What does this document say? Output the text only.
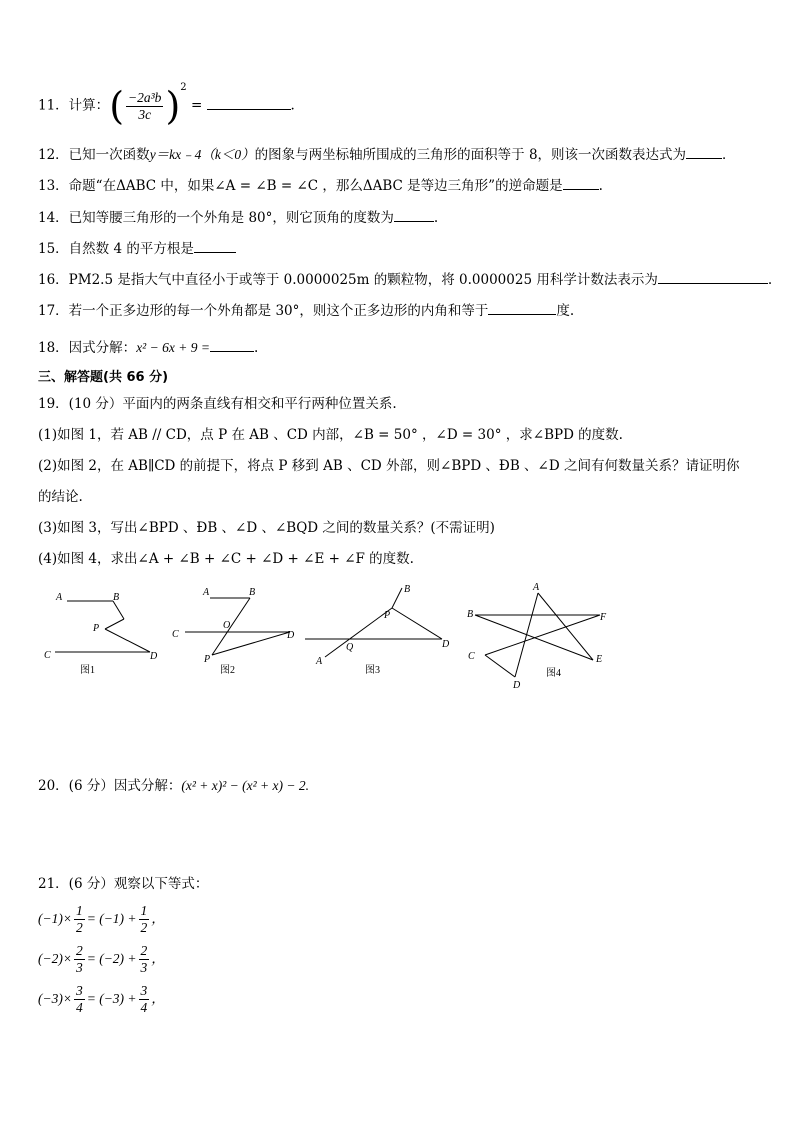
11．计算：( $\frac{\text{−2a³b}}{3c} )^2$ =	.
12．已知一次函数y＝kx﹣4（k＜0）的图象与两坐标轴所围成的三角形的面积等于 8，则该一次函数表达式为	．
13．命题“在ΔABC 中，如果∠A = ∠B = ∠C ，那么ΔABC 是等边三角形”的逆命题是	.
14．已知等腰三角形的一个外角是 80°，则它顶角的度数为	.
15．自然数 4 的平方根是
16．PM2.5 是指大气中直径小于或等于 0.0000025m 的颗粒物，将 0.0000025 用科学计数法表示为	.
17．若一个正多边形的每一个外角都是 30°，则这个正多边形的内角和等于	度.
18．因式分解：x² − 6x + 9 =	.
三、解答题(共 66 分)
19．(10 分）平面内的两条直线有相交和平行两种位置关系.
(1)如图 1，若 AB // CD，点 P 在 AB 、CD 内部，∠B = 50° ，∠D = 30° ，求∠BPD 的度数.
(2)如图 2，在 AB∥CD 的前提下，将点 P 移到 AB 、CD 外部，则∠BPD 、ÐB 、∠D 之间有何数量关系？请证明你
的结论.
(3)如图 3，写出∠BPD 、ÐB 、∠D 、∠BQD 之间的数量关系？(不需证明)
(4)如图 4，求出∠A + ∠B + ∠C + ∠D + ∠E + ∠F 的度数.
A	B
P
C	D
A	B
O
C	D
P
B
P
Q
A
D
A
B	F
C	E
D
图1	图2	图3	图4
20．(6 分）因式分解：(x² + x)² − (x² + x) − 2.
21．(6 分）观察以下等式：
$(-1)\times \frac{1}{2} = (-1) + \frac{1}{2}$ ，
$(-2)\times \frac{2}{3} = (-2) + \frac{2}{3}$ ，
$(-3)\times \frac{3}{4} = (-3) + \frac{3}{4}$ ，
